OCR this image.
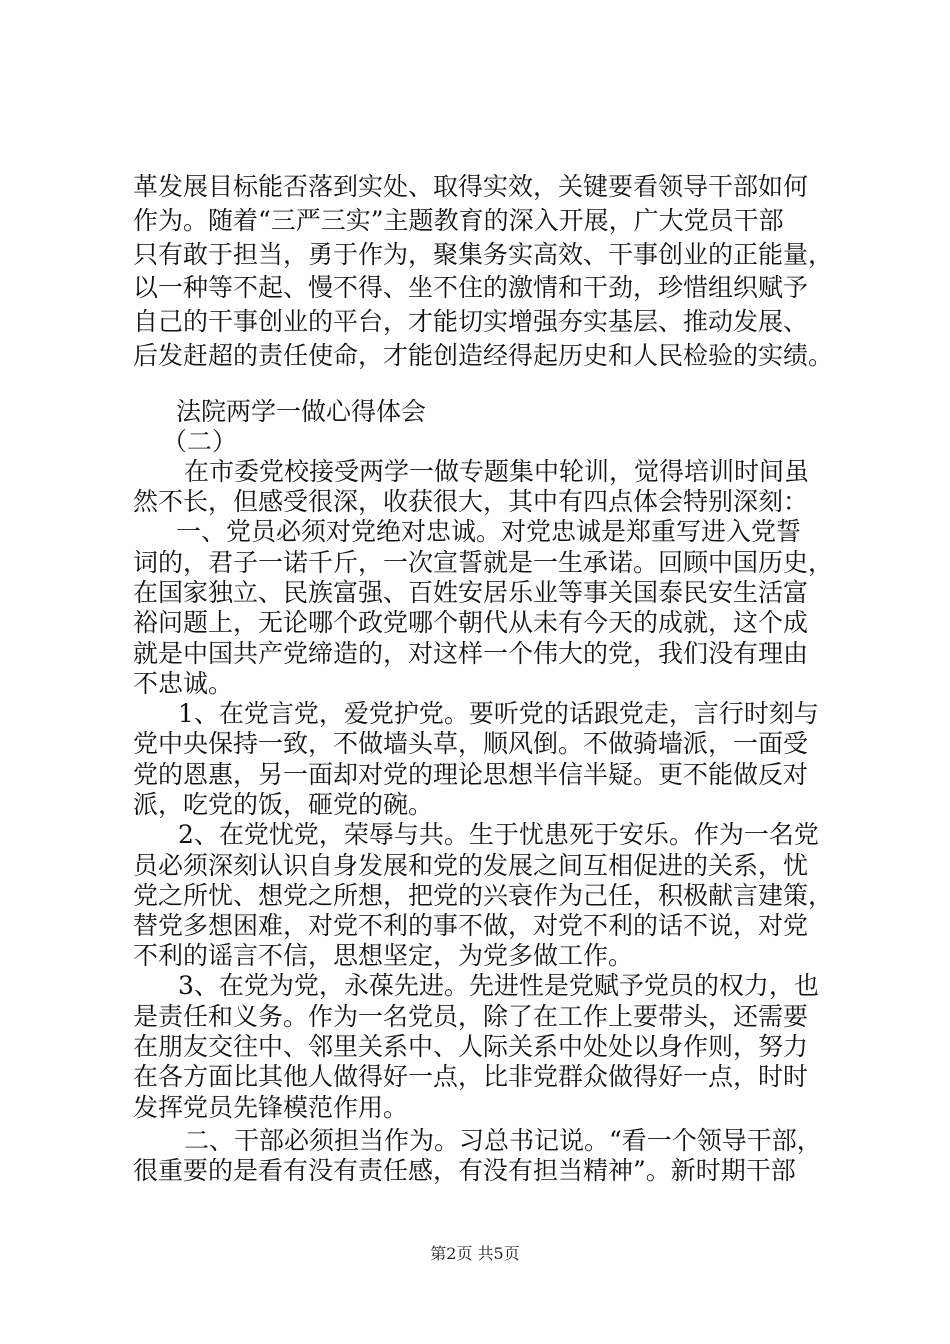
革发展目标能否落到实处、取得实效，关键要看领导干部如何
作为。随着“三严三实”主题教育的深入开展，广大党员干部
只有敢于担当，勇于作为，聚集务实高效、干事创业的正能量，
以一种等不起、慢不得、坐不住的激情和干劲，珍惜组织赋予
自己的干事创业的平台，才能切实增强夯实基层、推动发展、
后发赶超的责任使命，才能创造经得起历史和人民检验的实绩。
法院两学一做心得体会
（二）
在市委党校接受两学一做专题集中轮训，觉得培训时间虽
然不长，但感受很深，收获很大，其中有四点体会特别深刻：
一、党员必须对党绝对忠诚。对党忠诚是郑重写进入党誓
词的，君子一诺千斤，一次宣誓就是一生承诺。回顾中国历史，
在国家独立、民族富强、百姓安居乐业等事关国泰民安生活富
裕问题上，无论哪个政党哪个朝代从未有今天的成就，这个成
就是中国共产党缔造的，对这样一个伟大的党，我们没有理由
不忠诚。
1、在党言党，爱党护党。要听党的话跟党走，言行时刻与
党中央保持一致，不做墙头草，顺风倒。不做骑墙派，一面受
党的恩惠，另一面却对党的理论思想半信半疑。更不能做反对
派，吃党的饭，砸党的碗。
2、在党忧党，荣辱与共。生于忧患死于安乐。作为一名党
员必须深刻认识自身发展和党的发展之间互相促进的关系，忧
党之所忧、想党之所想，把党的兴衰作为己任，积极献言建策，
替党多想困难，对党不利的事不做，对党不利的话不说，对党
不利的谣言不信，思想坚定，为党多做工作。
3、在党为党，永葆先进。先进性是党赋予党员的权力，也
是责任和义务。作为一名党员，除了在工作上要带头，还需要
在朋友交往中、邻里关系中、人际关系中处处以身作则，努力
在各方面比其他人做得好一点，比非党群众做得好一点，时时
发挥党员先锋模范作用。
二、干部必须担当作为。习总书记说。“看一个领导干部，
很重要的是看有没有责任感，有没有担当精神”。新时期干部
第2页 共5页
